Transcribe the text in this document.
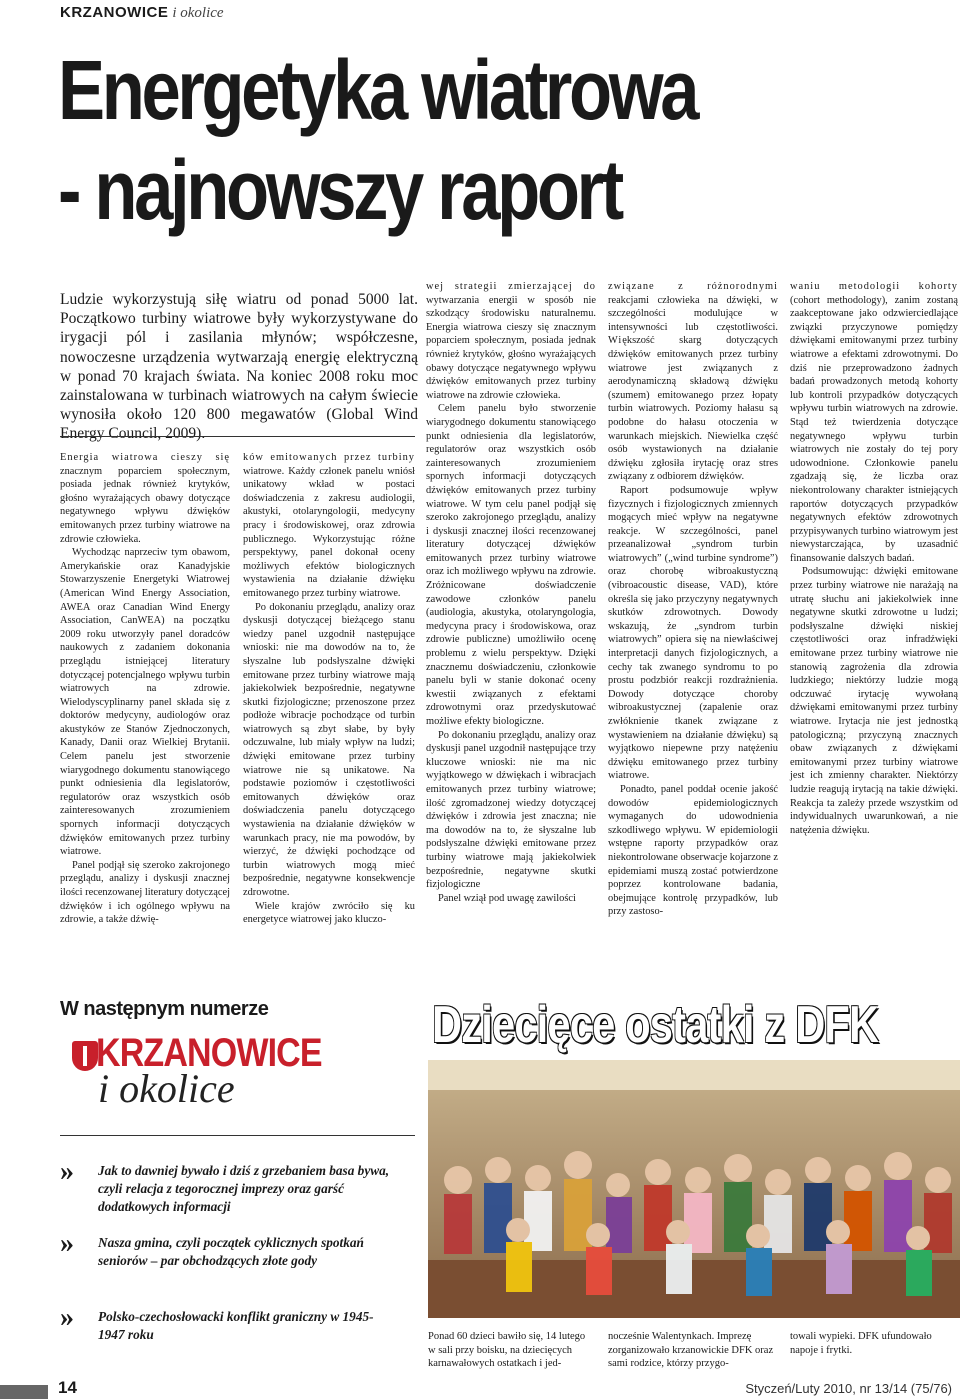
KRZANOWICE i okolice
Energetyka wiatrowa
- najnowszy raport

Ludzie wykorzystują siłę wiatru od ponad 5000 lat. Początkowo turbiny wiatrowe były wykorzystywane do irygacji pól i zasilania młynów; współczesne, nowoczesne urządzenia wytwarzają energię elektryczną w ponad 70 krajach świata. Na koniec 2008 roku moc zainstalowana w turbinach wiatrowych na całym świecie wynosiła około 120 800 megawatów (Global Wind Energy Council, 2009).

Energia wiatrowa cieszy się znacznym poparciem społecznym, posiada jednak również krytyków, głośno wyrażających obawy dotyczące negatywnego wpływu dźwięków emitowanych przez turbiny wiatrowe na zdrowie człowieka.

Wychodząc naprzeciw tym obawom, Amerykańskie oraz Kanadyjskie Stowarzyszenie Energetyki Wiatrowej (American Wind Energy Association, AWEA oraz Canadian Wind Energy Association, CanWEA) na początku 2009 roku utworzyły panel doradców naukowych z zadaniem dokonania przeglądu istniejącej literatury dotyczącej potencjalnego wpływu turbin wiatrowych na zdrowie. Wielodyscyplinarny panel składa się z doktorów medycyny, audiologów oraz akustyków ze Stanów Zjednoczonych, Kanady, Danii oraz Wielkiej Brytanii. Celem panelu jest stworzenie wiarygodnego dokumentu stanowiącego punkt odniesienia dla legislatorów, regulatorów oraz wszystkich osób zainteresowanych zrozumieniem spornych informacji dotyczących dźwięków emitowanych przez turbiny wiatrowe.

Panel podjął się szeroko zakrojonego przeglądu, analizy i dyskusji znacznej ilości recenzowanej literatury dotyczącej dźwięków i ich ogólnego wpływu na zdrowie, a także dźwię-

ków emitowanych przez turbiny wiatrowe. Każdy członek panelu wniósł unikatowy wkład w postaci doświadczenia z zakresu audiologii, akustyki, otolaryngologii, medycyny pracy i środowiskowej, oraz zdrowia publicznego. Wykorzystując różne perspektywy, panel dokonał oceny możliwych efektów biologicznych wystawienia na działanie dźwięku emitowanego przez turbiny wiatrowe.

Po dokonaniu przeglądu, analizy oraz dyskusji dotyczącej bieżącego stanu wiedzy panel uzgodnił następujące wnioski: nie ma dowodów na to, że słyszalne lub podsłyszalne dźwięki emitowane przez turbiny wiatrowe mają jakiekolwiek bezpośrednie, negatywne skutki fizjologiczne; przenoszone przez podłoże wibracje pochodzące od turbin wiatrowych są zbyt słabe, by były odczuwalne, lub miały wpływ na ludzi; dźwięki emitowane przez turbiny wiatrowe nie są unikatowe. Na podstawie poziomów i częstotliwości emitowanych dźwięków oraz doświadczenia panelu dotyczącego wystawienia na działanie dźwięków w warunkach pracy, nie ma powodów, by wierzyć, że dźwięki pochodzące od turbin wiatrowych mogą mieć bezpośrednie, negatywne konsekwencje zdrowotne.

Wiele krajów zwróciło się ku energetyce wiatrowej jako kluczo-

wej strategii zmierzającej do wytwarzania energii w sposób nie szkodzący środowisku naturalnemu. Energia wiatrowa cieszy się znacznym poparciem społecznym, posiada jednak również krytyków, głośno wyrażających obawy dotyczące negatywnego wpływu dźwięków emitowanych przez turbiny wiatrowe na zdrowie człowieka.

Celem panelu było stworzenie wiarygodnego dokumentu stanowiącego punkt odniesienia dla legislatorów, regulatorów oraz wszystkich osób zainteresowanych zrozumieniem spornych informacji dotyczących dźwięków emitowanych przez turbiny wiatrowe. W tym celu panel podjął się szeroko zakrojonego przeglądu, analizy i dyskusji znacznej ilości recenzowanej literatury dotyczącej dźwięków emitowanych przez turbiny wiatrowe oraz ich możliwego wpływu na zdrowie. Zróżnicowane doświadczenie zawodowe członków panelu (audiologia, akustyka, otolaryngologia, medycyna pracy i środowiskowa, oraz zdrowie publiczne) umożliwiło ocenę problemu z wielu perspektyw. Dzięki znacznemu doświadczeniu, członkowie panelu byli w stanie dokonać oceny kwestii związanych z efektami zdrowotnymi oraz przedyskutować możliwe efekty biologiczne.

Po dokonaniu przeglądu, analizy oraz dyskusji panel uzgodnił następujące trzy kluczowe wnioski: nie ma nic wyjątkowego w dźwiękach i wibracjach emitowanych przez turbiny wiatrowe; ilość zgromadzonej wiedzy dotyczącej dźwięków i zdrowia jest znaczna; nie ma dowodów na to, że słyszalne lub podsłyszalne dźwięki emitowane przez turbiny wiatrowe mają jakiekolwiek bezpośrednie, negatywne skutki fizjologiczne

Panel wziął pod uwagę zawilości

związane z różnorodnymi reakcjami człowieka na dźwięki, w szczególności modulujące w intensywności lub częstotliwości. Większość skarg dotyczących dźwięków emitowanych przez turbiny wiatrowe jest związanych z aerodynamiczną składową dźwięku (szumem) emitowanego przez łopaty turbin wiatrowych. Poziomy hałasu są podobne do hałasu otoczenia w warunkach miejskich. Niewielka część osób wystawionych na działanie dźwięku zgłosiła irytację oraz stres związany z odbiorem dźwięków.

Raport podsumowuje wpływ fizycznych i fizjologicznych zmiennych mogących mieć wpływ na negatywne reakcje. W szczególności, panel przeanalizował „syndrom turbin wiatrowych” („wind turbine syndrome”) oraz chorobę wibroakustyczną (vibroacoustic disease, VAD), które określa się jako przyczyny negatywnych skutków zdrowotnych. Dowody wskazują, że „syndrom turbin wiatrowych” opiera się na niewłaściwej interpretacji danych fizjologicznych, a cechy tak zwanego syndromu to po prostu podzbiór reakcji rozdrażnienia. Dowody dotyczące choroby wibroakustycznej (zapalenie oraz zwłóknienie tkanek związane z wystawieniem na działanie dźwięku) są wyjątkowo niepewne przy natężeniu dźwięku emitowanego przez turbiny wiatrowe.

Ponadto, panel poddał ocenie jakość dowodów epidemiologicznych wymaganych do udowodnienia szkodliwego wpływu. W epidemiologii wstępne raporty przypadków oraz niekontrolowane obserwacje kojarzone z epidemiami muszą zostać potwierdzone poprzez kontrolowane badania, obejmujące kontrolę przypadków, lub przy zastoso-

waniu metodologii kohorty (cohort methodology), zanim zostaną zaakceptowane jako odzwierciedlające związki przyczynowe pomiędzy dźwiękami emitowanymi przez turbiny wiatrowe a efektami zdrowotnymi. Do dziś nie przeprowadzono żadnych badań prowadzonych metodą kohorty lub kontroli przypadków dotyczących wpływu turbin wiatrowych na zdrowie. Stąd też twierdzenia dotyczące negatywnego wpływu turbin wiatrowych nie zostały do tej pory udowodnione. Członkowie panelu zgadzają się, że liczba oraz niekontrolowany charakter istniejących raportów dotyczących przypadków negatywnych efektów zdrowotnych przypisywanych turbino wiatrowym jest niewystarczająca, by uzasadnić finansowanie dalszych badań.

Podsumowując: dźwięki emitowane przez turbiny wiatrowe nie narażają na utratę słuchu ani jakiekolwiek inne negatywne skutki zdrowotne u ludzi; podsłyszalne dźwięki niskiej częstotliwości oraz infradźwięki emitowane przez turbiny wiatrowe nie stanowią zagrożenia dla zdrowia ludzkiego; niektórzy ludzie mogą odczuwać irytację wywołaną dźwiękami emitowanymi przez turbiny wiatrowe. Irytacja nie jest jednostką patologiczną; przyczyną znacznych obaw związanych z dźwiękami emitowanymi przez turbiny wiatrowe jest ich zmienny charakter. Niektórzy ludzie reagują irytacją na takie dźwięki. Reakcja ta zależy przede wszystkim od indywidualnych uwarunkowań, a nie natężenia dźwięku.

W następnym numerze
KRZANOWICE
i okolice
» Jak to dawniej bywało i dziś z grzebaniem basa bywa, czyli relacja z tegorocznej imprezy oraz garść dodatkowych informacji

» Nasza gmina, czyli początek cyklicznych spotkań seniorów – par obchodzących złote gody

» Polsko-czechosłowacki konflikt graniczny w 1945-1947 roku

Dziecięce ostatki z DFK

Ponad 60 dzieci bawiło się, 14 lutego w sali przy boisku, na dziecięcych karnawałowych ostatkach i jed-

nocześnie Walentynkach. Imprezę zorganizowało krzanowickie DFK oraz sami rodzice, którzy przygo-

towali wypieki. DFK ufundowało napoje i frytki.

14	Styczeń/Luty 2010, nr 13/14 (75/76)
